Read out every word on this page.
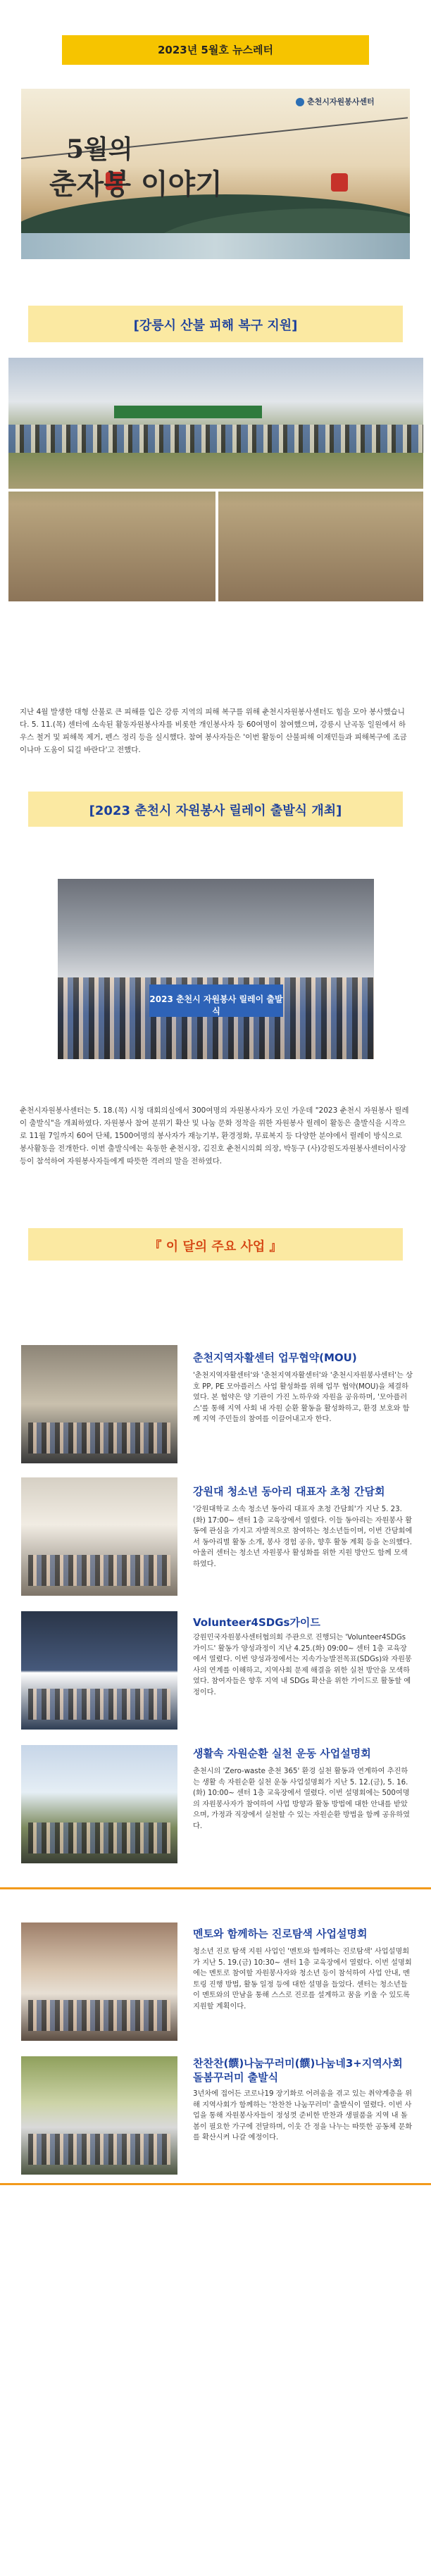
2023년 5월호 뉴스레터
춘천시자원봉사센터
5월의
춘자봉 이야기
[강릉시 산불 피해 복구 지원]
지난 4월 발생한 대형 산불로 큰 피해를 입은 강릉 지역의 피해 복구를 위해 춘천시자원봉사센터도 힘을 모아 봉사했습니다. 5. 11.(목) 센터에 소속된 활동자원봉사자를 비롯한 개인봉사자 등 60여명이 참여했으며, 강릉시 난곡동 일원에서 하우스 철거 및 피해목 제거, 펜스 정리 등을 실시했다. 참여 봉사자들은 '이번 활동이 산불피해 이재민들과 피해복구에 조금이나마 도움이 되길 바란다'고 전했다.
[2023 춘천시 자원봉사 릴레이 출발식 개최]
2023 춘천시 자원봉사 릴레이 출발식
춘천시자원봉사센터는 5. 18.(목) 시청 대회의실에서 300여명의 자원봉사자가 모인 가운데 "2023 춘천시 자원봉사 릴레이 출발식"을 개최하였다. 자원봉사 참여 분위기 확산 및 나눔 문화 정착을 위한 자원봉사 릴레이 활동은 출발식을 시작으로 11월 7일까지 60여 단체, 1500여명의 봉사자가 재능기부, 환경정화, 무료복지 등 다양한 분야에서 릴레이 방식으로 봉사활동을 전개한다. 이번 출발식에는 육동한 춘천시장, 김진호 춘천시의회 의장, 박동구 (사)강원도자원봉사센터이사장 등이 참석하여 자원봉사자들에게 따뜻한 격려의 말을 전하였다.
『 이 달의 주요 사업 』
춘천지역자활센터 업무협약(MOU)
'춘천지역자활센터'와 '춘천지역자활센터'와 '춘천시자원봉사센터'는 상호 PP, PE 모아플러스 사업 활성화를 위해 업무 협약(MOU)을 체결하였다. 본 협약은 양 기관이 가진 노하우와 자원을 공유하며, '모아플러스'를 통해 지역 사회 내 자원 순환 활동을 활성화하고, 환경 보호와 함께 지역 주민들의 참여를 이끌어내고자 한다.
강원대 청소년 동아리 대표자 초청 간담회
'강원대학교 소속 청소년 동아리 대표자 초청 간담회'가 지난 5. 23.(화) 17:00~ 센터 1층 교육장에서 열렸다. 이들 동아리는 자원봉사 활동에 관심을 가지고 자발적으로 참여하는 청소년들이며, 이번 간담회에서 동아리별 활동 소개, 봉사 경험 공유, 향후 활동 계획 등을 논의했다. 아울러 센터는 청소년 자원봉사 활성화를 위한 지원 방안도 함께 모색하였다.
Volunteer4SDGs가이드
강원민국자원봉사센터협의회 주관으로 진행되는 'Volunteer4SDGs 가이드' 활동가 양성과정이 지난 4.25.(화) 09:00~ 센터 1층 교육장에서 열렸다. 이번 양성과정에서는 지속가능발전목표(SDGs)와 자원봉사의 연계를 이해하고, 지역사회 문제 해결을 위한 실천 방안을 모색하였다. 참여자들은 향후 지역 내 SDGs 확산을 위한 가이드로 활동할 예정이다.
생활속 자원순환 실천 운동 사업설명회
춘천시의 'Zero-waste 춘천 365' 환경 실천 활동과 연계하여 추진하는 생활 속 자원순환 실천 운동 사업설명회가 지난 5. 12.(금), 5. 16.(화) 10:00~ 센터 1층 교육장에서 열렸다. 이번 설명회에는 500여명의 자원봉사자가 참여하여 사업 방향과 활동 방법에 대한 안내를 받았으며, 가정과 직장에서 실천할 수 있는 자원순환 방법을 함께 공유하였다.
멘토와 함께하는 진로탐색 사업설명회
청소년 진로 탐색 지원 사업인 '멘토와 함께하는 진로탐색' 사업설명회가 지난 5. 19.(금) 10:30~ 센터 1층 교육장에서 열렸다. 이번 설명회에는 멘토로 참여할 자원봉사자와 청소년 등이 참석하여 사업 안내, 멘토링 진행 방법, 활동 일정 등에 대한 설명을 들었다. 센터는 청소년들이 멘토와의 만남을 통해 스스로 진로를 설계하고 꿈을 키울 수 있도록 지원할 계획이다.
찬찬찬(饌)나눔꾸러미(饌)나눔네3+지역사회돌봄꾸러미 출발식
3년차에 접어든 코로나19 장기화로 어려움을 겪고 있는 취약계층을 위해 지역사회가 함께하는 '찬찬찬 나눔꾸러미' 출발식이 열렸다. 이번 사업을 통해 자원봉사자들이 정성껏 준비한 반찬과 생필품을 지역 내 돌봄이 필요한 가구에 전달하며, 이웃 간 정을 나누는 따뜻한 공동체 문화를 확산시켜 나갈 예정이다.
